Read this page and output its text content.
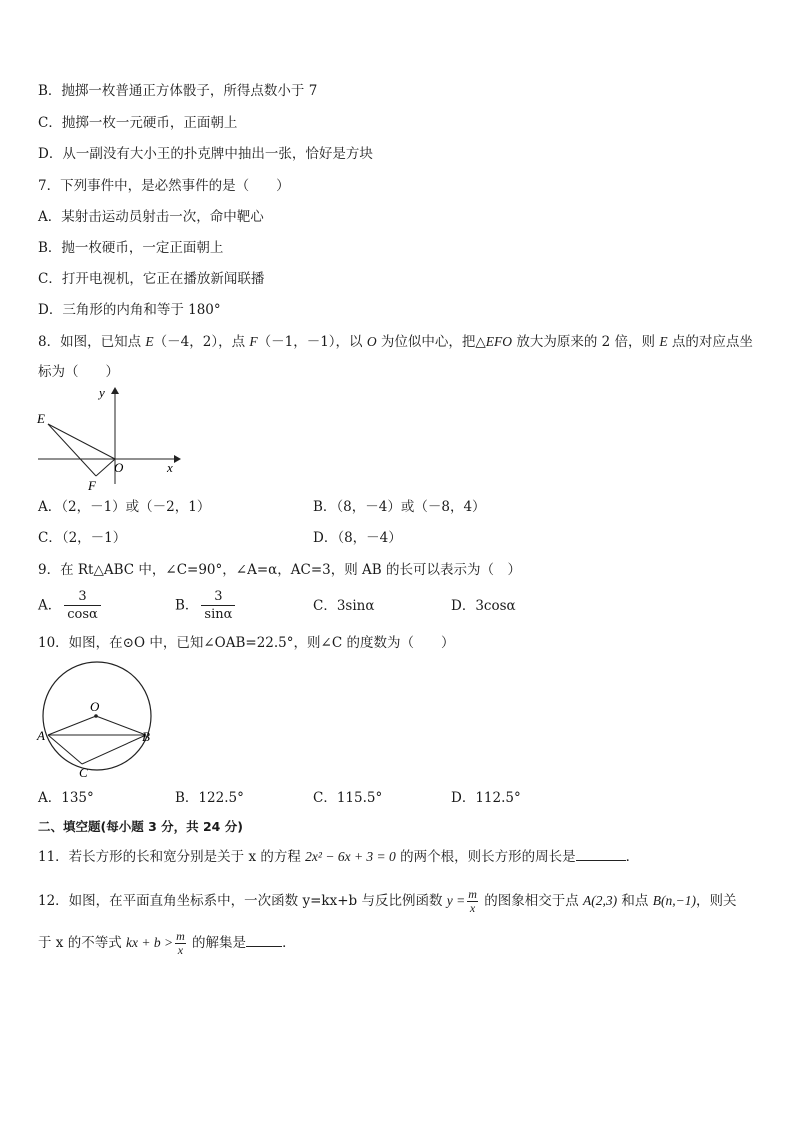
B．抛掷一枚普通正方体骰子，所得点数小于 7
C．抛掷一枚一元硬币，正面朝上
D．从一副没有大小王的扑克牌中抽出一张，恰好是方块
7．下列事件中，是必然事件的是（　　）
A．某射击运动员射击一次，命中靶心
B．抛一枚硬币，一定正面朝上
C．打开电视机，它正在播放新闻联播
D．三角形的内角和等于 180°
8．如图，已知点 E（－4，2），点 F（－1，－1），以 O 为位似中心，把△EFO 放大为原来的 2 倍，则 E 点的对应点坐
标为（　　）
y
x
E
O
F
A．（2，－1）或（－2，1）	B．（8，－4）或（－8，4）
C．（2，－1）	D．（8，－4）
9．在 Rt△ABC 中，∠C=90°，∠A=α，AC=3，则 AB 的长可以表示为（　）
A． $\frac{3}{\cos\alpha}$	B． $\frac{3}{\sin\alpha}$	C．3sinα	D．3cosα
10．如图，在⊙O 中，已知∠OAB=22.5°，则∠C 的度数为（　　）
O
A	B
C
A．135°	B．122.5°	C．115.5°	D．112.5°
二、填空题(每小题 3 分，共 24 分)
11．若长方形的长和宽分别是关于 x 的方程 2x² − 6x + 3 = 0 的两个根，则长方形的周长是	．
12．如图，在平面直角坐标系中，一次函数 y=kx+b 与反比例函数 $y = \frac{m}{x}$ 的图象相交于点 A(2,3) 和点 B(n,−1)，则关
于 x 的不等式 kx + $b > \frac{m}{x}$ 的解集是	．
